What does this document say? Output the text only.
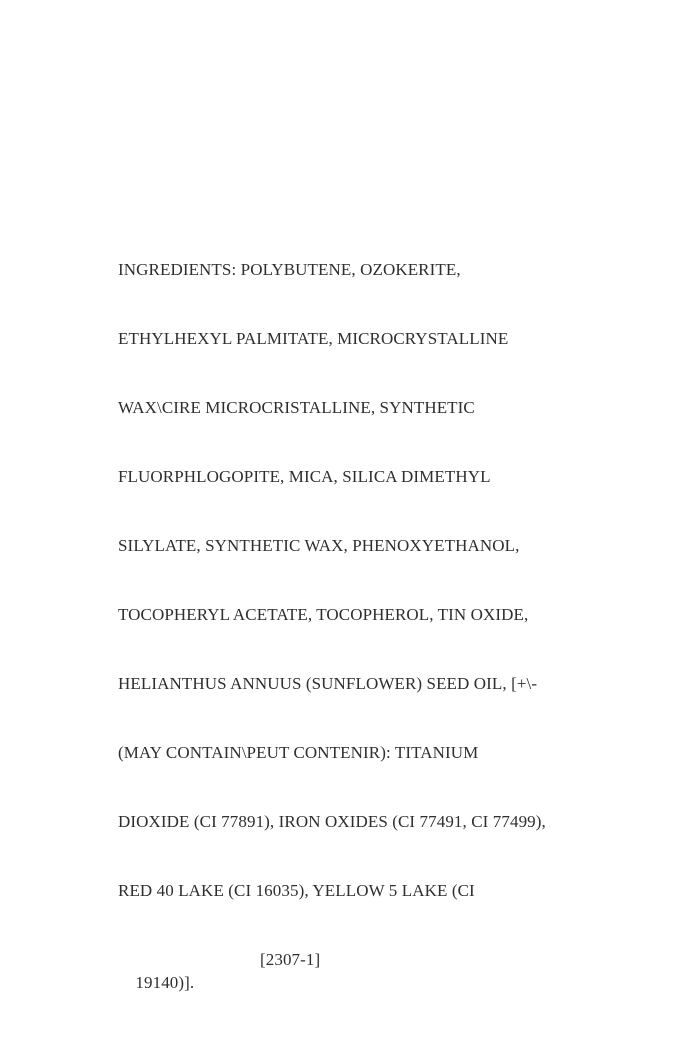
INGREDIENTS: POLYBUTENE, OZOKERITE,

ETHYLHEXYL PALMITATE, MICROCRYSTALLINE

WAX\CIRE MICROCRISTALLINE, SYNTHETIC

FLUORPHLOGOPITE, MICA, SILICA DIMETHYL

SILYLATE, SYNTHETIC WAX, PHENOXYETHANOL,

TOCOPHERYL ACETATE, TOCOPHEROL, TIN OXIDE,

HELIANTHUS ANNUUS (SUNFLOWER) SEED OIL, [+\-

(MAY CONTAIN\PEUT CONTENIR): TITANIUM

DIOXIDE (CI 77891), IRON OXIDES (CI 77491, CI 77499),

RED 40 LAKE (CI 16035), YELLOW 5 LAKE (CI

19140)].

[2307-1]
